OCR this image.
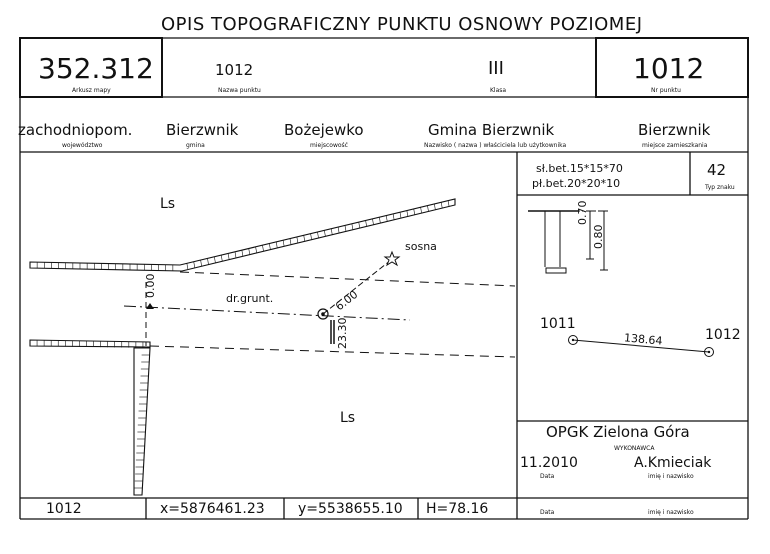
OPIS TOPOGRAFICZNY PUNKTU OSNOWY POZIOMEJ
352.312
Arkusz mapy
1012
Nazwa punktu
III
Klasa
1012
Nr punktu
zachodniopom.
województwo
Bierzwnik
gmina
Bożejewko
miejscowość
Gmina Bierzwnik
Nazwisko ( nazwa ) właściciela lub użytkownika
Bierzwnik
miejsce zamieszkania
sł.bet.15*15*70
pł.bet.20*20*10
42
Typ znaku
0.70
0.80
1011
1012
138.64
Ls
Ls
sosna
dr.grunt.	6.00
23.30
0.00
OPGK Zielona Góra
WYKONAWCA
11.2010
Data
A.Kmieciak
imię i nazwisko
1012	x=5876461.23 y=5538655.10 H=78.16	Data	imię i nazwisko
